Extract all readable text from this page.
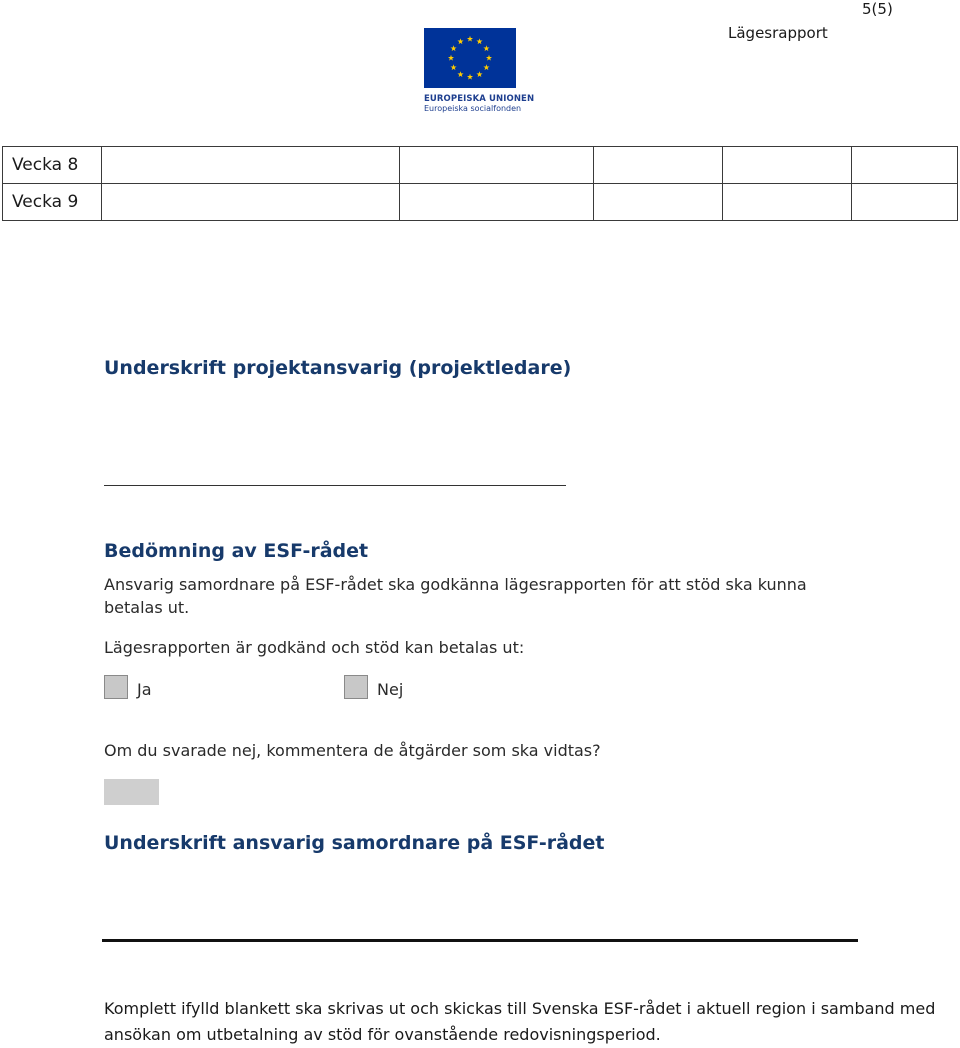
5(5)
Lägesrapport
EUROPEISKA UNIONEN
Europeiska socialfonden
Vecka 8					
Vecka 9					
Underskrift projektansvarig (projektledare)
Bedömning av ESF-rådet
Ansvarig samordnare på ESF-rådet ska godkänna lägesrapporten för att stöd ska kunna betalas ut.
Lägesrapporten är godkänd och stöd kan betalas ut:
Ja	Nej
Om du svarade nej, kommentera de åtgärder som ska vidtas?
Underskrift ansvarig samordnare på ESF-rådet
Komplett ifylld blankett ska skrivas ut och skickas till Svenska ESF-rådet i aktuell region i samband med ansökan om utbetalning av stöd för ovanstående redovisningsperiod.
